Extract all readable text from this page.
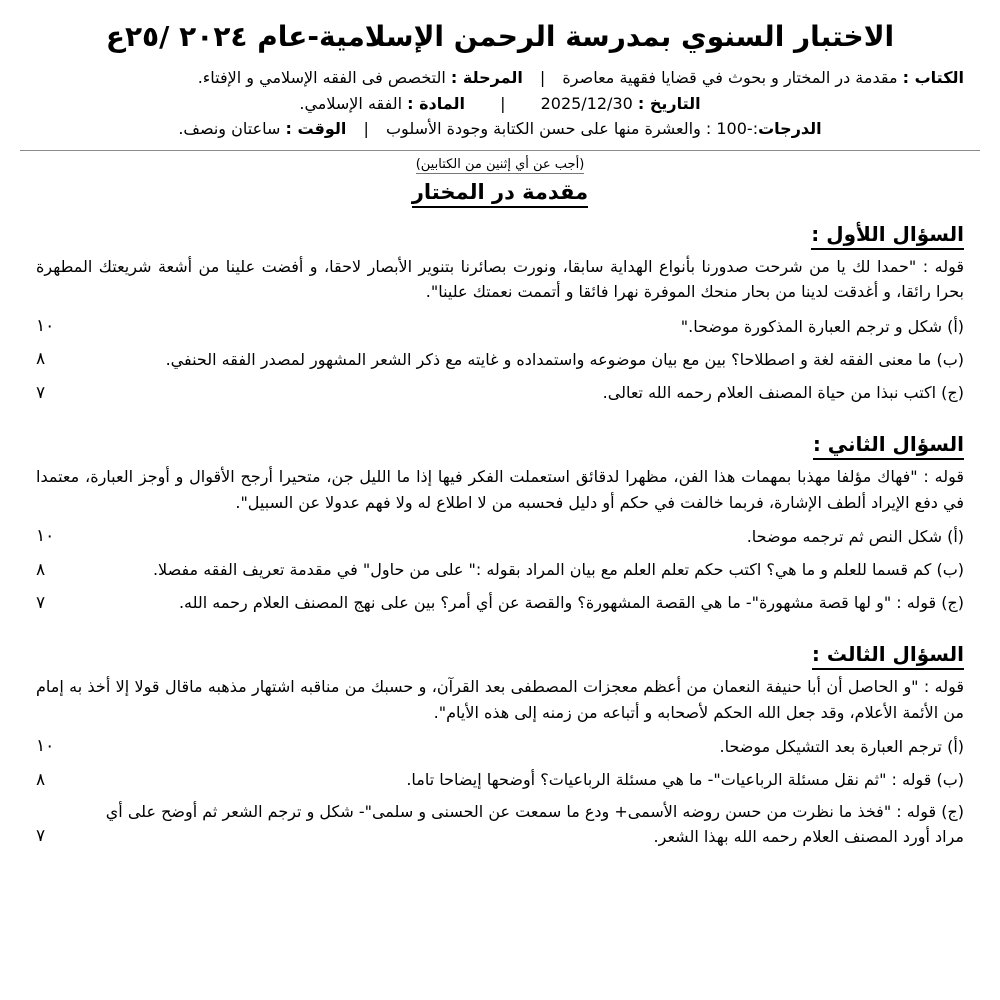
الاختبار السنوي بمدرسة الرحمن الإسلامية-عام ٢٠٢٤ /٢٥ع
الكتاب : مقدمة در المختار و بحوث في قضايا فقهية معاصرة | المرحلة : التخصص فى الفقه الإسلامي و الإفتاء.
التاريخ : 2025/12/30 | المادة : الفقه الإسلامي.
الدرجات:-100 : والعشرة منها على حسن الكتابة وجودة الأسلوب | الوقت : ساعتان ونصف.
(أجب عن أي إثنين من الكتابين)
مقدمة در المختار
السؤال اللأول :

قوله : "حمدا لك يا من شرحت صدورنا بأنواع الهداية سابقا، ونورت بصائرنا بتنوير الأبصار لاحقا، و أفضت علينا من أشعة شريعتك المطهرة بحرا رائقا، و أغدقت لدينا من بحار منحك الموفرة نهرا فائقا و أتممت نعمتك علينا".

(أ) شكل و ترجم العبارة المذكورة موضحا."
١٠
(ب) ما معنى الفقه لغة و اصطلاحا؟ بين مع بيان موضوعه واستمداده و غايته مع ذكر الشعر المشهور لمصدر الفقه الحنفي.
٨
(ج) اكتب نبذا من حياة المصنف العلام رحمه الله تعالى.
٧
السؤال الثاني :

قوله : "فهاك مؤلفا مهذبا بمهمات هذا الفن، مظهرا لدقائق استعملت الفكر فيها إذا ما الليل جن، متحيرا أرجح الأقوال و أوجز العبارة، معتمدا في دفع الإيراد ألطف الإشارة، فربما خالفت في حكم أو دليل فحسبه من لا اطلاع له ولا فهم عدولا عن السبيل".

(أ) شكل النص ثم ترجمه موضحا.
١٠
(ب) كم قسما للعلم و ما هي؟ اكتب حكم تعلم العلم مع بيان المراد بقوله :" على من حاول" في مقدمة تعريف الفقه مفصلا.
٨
(ج) قوله : "و لها قصة مشهورة"- ما هي القصة المشهورة؟ والقصة عن أي أمر؟ بين على نهج المصنف العلام رحمه الله.
٧
السؤال الثالث :

قوله : "و الحاصل أن أبا حنيفة النعمان من أعظم معجزات المصطفى بعد القرآن، و حسبك من مناقبه اشتهار مذهبه ماقال قولا إلا أخذ به إمام من الأئمة الأعلام، وقد جعل الله الحكم لأصحابه و أتباعه من زمنه إلى هذه الأيام".

(أ) ترجم العبارة بعد التشيكل موضحا.
١٠
(ب) قوله : "ثم نقل مسئلة الرباعيات"- ما هي مسئلة الرباعيات؟ أوضحها إيضاحا تاما.
٨
(ج) قوله : "فخذ ما نظرت من حسن روضه الأسمى+ ودع ما سمعت عن الحسنى و سلمى"- شكل و ترجم الشعر ثم أوضح على أي مراد أورد المصنف العلام رحمه الله بهذا الشعر.
٧
